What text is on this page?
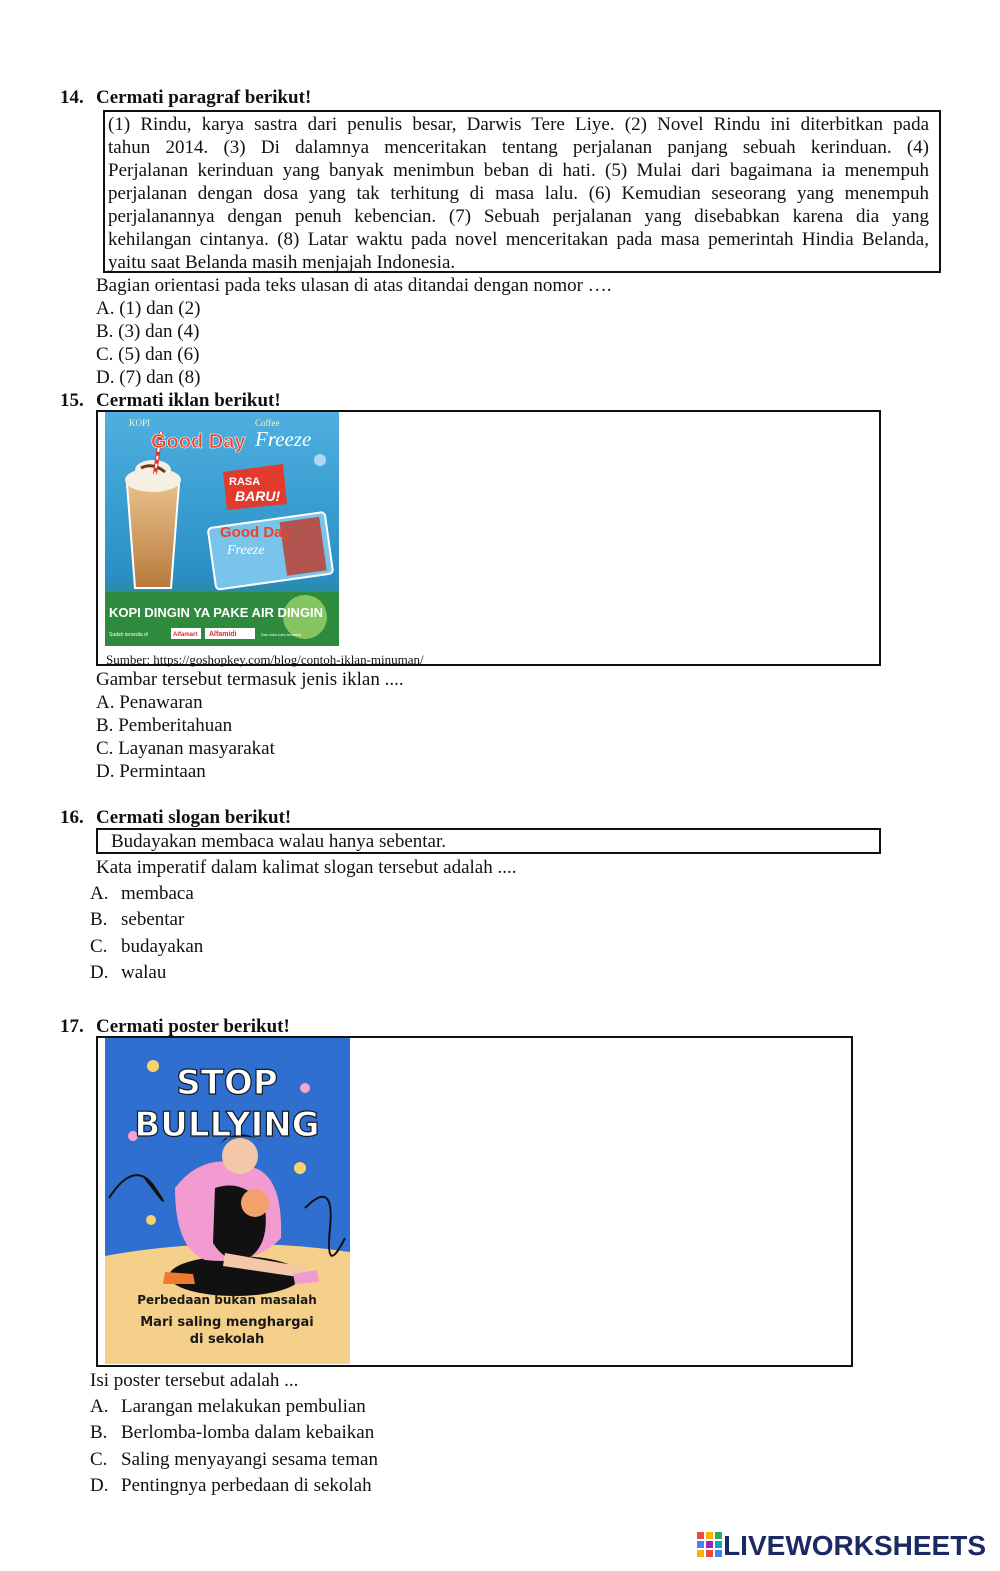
14. Cermati paragraf berikut!
(1) Rindu, karya sastra dari penulis besar, Darwis Tere Liye. (2) Novel Rindu ini diterbitkan pada
tahun 2014. (3) Di dalamnya menceritakan tentang perjalanan panjang sebuah kerinduan. (4)
Perjalanan kerinduan yang banyak menimbun beban di hati. (5) Mulai dari bagaimana ia menempuh
perjalanan dengan dosa yang tak terhitung di masa lalu. (6) Kemudian seseorang yang menempuh
perjalanannya dengan penuh kebencian. (7) Sebuah perjalanan yang disebabkan karena dia yang
kehilangan cintanya. (8) Latar waktu pada novel menceritakan pada masa pemerintah Hindia Belanda,
yaitu saat Belanda masih menjajah Indonesia.
Bagian orientasi pada teks ulasan di atas ditandai dengan nomor ….
A. (1) dan (2)
B. (3) dan (4)
C. (5) dan (6)
D. (7) dan (8)
15. Cermati iklan berikut!
Good Day
Freeze
RASA
BARU!
KOPI
Good Day
Coffee
Freeze
KOPI DINGIN YA PAKE AIR DINGIN
Sudah tersedia di	Alfamart Alfamidi	Dan toko-toko terdekat
Sumber: https://goshopkey.com/blog/contoh-iklan-minuman/
Gambar tersebut termasuk jenis iklan ....
A. Penawaran
B. Pemberitahuan
C. Layanan masyarakat
D. Permintaan
16. Cermati slogan berikut!
Budayakan membaca walau hanya sebentar.
Kata imperatif dalam kalimat slogan tersebut adalah ....
A. membaca
B. sebentar
C. budayakan
D. walau
17. Cermati poster berikut!
STOP
BULLYING
Perbedaan bukan masalah
Mari saling menghargai
di sekolah
Isi poster tersebut adalah ...
A. Larangan melakukan pembulian
B. Berlomba-lomba dalam kebaikan
C. Saling menyayangi sesama teman
D. Pentingnya perbedaan di sekolah
LIVEWORKSHEETS
